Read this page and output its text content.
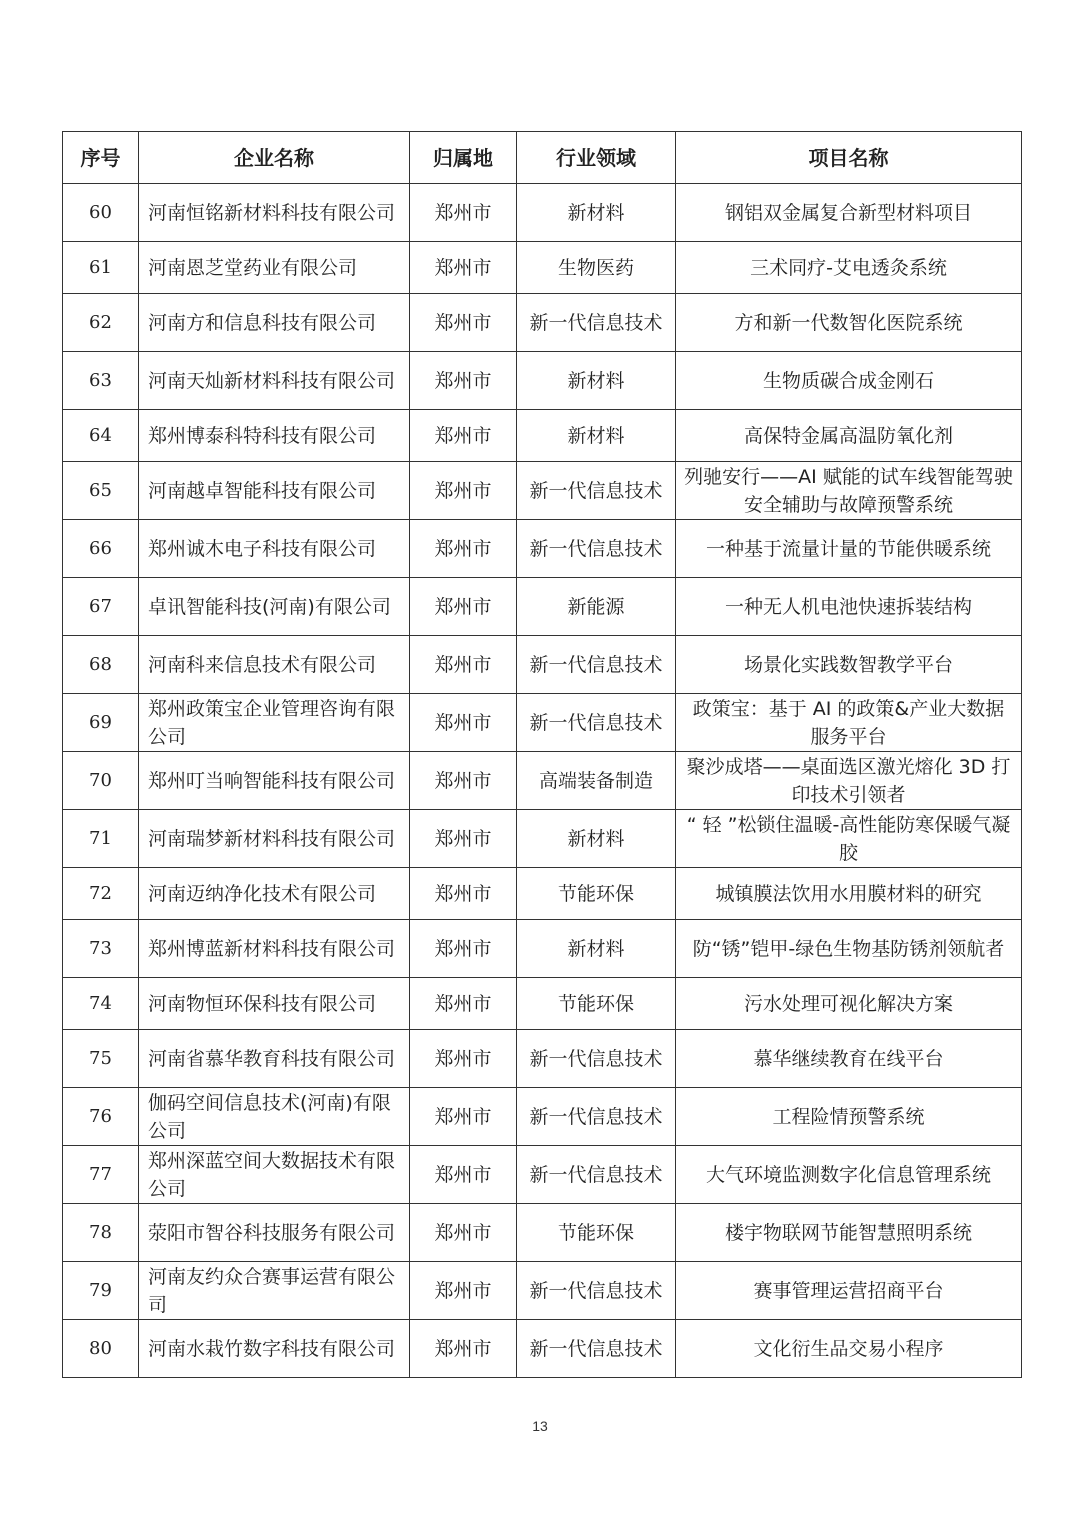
序号	企业名称	归属地	行业领域	项目名称
60	河南恒铭新材料科技有限公司	郑州市	新材料	钢铝双金属复合新型材料项目
61	河南恩芝堂药业有限公司	郑州市	生物医药	三术同疗-艾电透灸系统
62	河南方和信息科技有限公司	郑州市	新一代信息技术	方和新一代数智化医院系统
63	河南天灿新材料科技有限公司	郑州市	新材料	生物质碳合成金刚石
64	郑州博泰科特科技有限公司	郑州市	新材料	高保特金属高温防氧化剂
65	河南越卓智能科技有限公司	郑州市	新一代信息技术	列驰安行——AI 赋能的试车线智能驾驶安全辅助与故障预警系统
66	郑州诚木电子科技有限公司	郑州市	新一代信息技术	一种基于流量计量的节能供暖系统
67	卓讯智能科技(河南)有限公司	郑州市	新能源	一种无人机电池快速拆装结构
68	河南科来信息技术有限公司	郑州市	新一代信息技术	场景化实践数智教学平台
69	郑州政策宝企业管理咨询有限公司	郑州市	新一代信息技术	政策宝：基于 AI 的政策&产业大数据服务平台
70	郑州叮当响智能科技有限公司	郑州市	高端装备制造	聚沙成塔——桌面选区激光熔化 3D 打印技术引领者
71	河南瑞梦新材料科技有限公司	郑州市	新材料	“ 轻 ”松锁住温暖-高性能防寒保暖气凝胶
72	河南迈纳净化技术有限公司	郑州市	节能环保	城镇膜法饮用水用膜材料的研究
73	郑州博蓝新材料科技有限公司	郑州市	新材料	防“锈”铠甲-绿色生物基防锈剂领航者
74	河南物恒环保科技有限公司	郑州市	节能环保	污水处理可视化解决方案
75	河南省慕华教育科技有限公司	郑州市	新一代信息技术	慕华继续教育在线平台
76	伽码空间信息技术(河南)有限公司	郑州市	新一代信息技术	工程险情预警系统
77	郑州深蓝空间大数据技术有限公司	郑州市	新一代信息技术	大气环境监测数字化信息管理系统
78	荥阳市智谷科技服务有限公司	郑州市	节能环保	楼宇物联网节能智慧照明系统
79	河南友约众合赛事运营有限公司	郑州市	新一代信息技术	赛事管理运营招商平台
80	河南水栽竹数字科技有限公司	郑州市	新一代信息技术	文化衍生品交易小程序
13
